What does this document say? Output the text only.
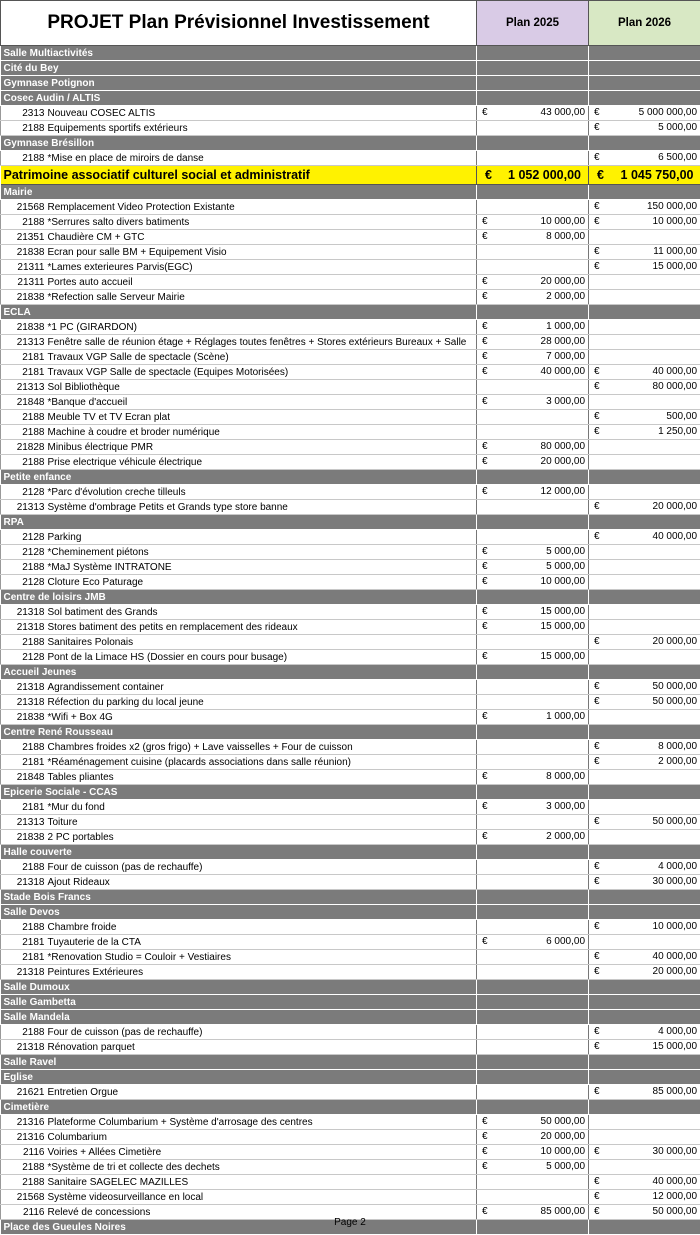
PROJET Plan Prévisionnel Investissement		Plan 2025	Plan 2026
Salle Multiactivités			
Cité du Bey			
Gymnase Potignon			
Cosec Audin / ALTIS			
2313	Nouveau COSEC ALTIS	€ 43 000,00	€ 5 000 000,00

2188	Equipements sportifs extérieurs		€ 5 000,00

Gymnase Brésillon			
2188	*Mise en place de miroirs de danse		€ 6 500,00

Patrimoine associatif culturel social et administratif		€ 1 052 000,00	€ 1 045 750,00

Mairie			
21568	Remplacement Video Protection Existante		€ 150 000,00

2188	*Serrures salto divers batiments	€ 10 000,00	€ 10 000,00

21351	Chaudière CM + GTC	€ 8 000,00	

21838	Ecran pour salle BM + Equipement Visio		€ 11 000,00

21311	*Lames exterieures Parvis(EGC)		€ 15 000,00

21311	Portes auto accueil	€ 20 000,00	

21838	*Refection salle Serveur Mairie	€ 2 000,00	

ECLA			
21838	*1 PC (GIRARDON)	€ 1 000,00	

21313	Fenêtre salle de réunion étage + Réglages toutes fenêtres + Stores extérieurs Bureaux + Salle	€ 28 000,00	

2181	Travaux VGP Salle de spectacle (Scène)	€ 7 000,00	

2181	Travaux VGP Salle de spectacle (Equipes Motorisées)	€ 40 000,00	€ 40 000,00

21313	Sol Bibliothèque		€ 80 000,00

21848	*Banque d'accueil	€ 3 000,00	

2188	Meuble TV et TV Ecran plat		€ 500,00

2188	Machine à coudre et broder numérique		€ 1 250,00

21828	Minibus électrique PMR	€ 80 000,00	

2188	Prise electrique véhicule électrique	€ 20 000,00	

Petite enfance			
2128	*Parc d'évolution creche tilleuls	€ 12 000,00	

21313	Système d'ombrage Petits et Grands type store banne		€ 20 000,00

RPA			
2128	Parking		€ 40 000,00

2128	*Cheminement piétons	€ 5 000,00	

2188	*MaJ Système INTRATONE	€ 5 000,00	

2128	Cloture Eco Paturage	€ 10 000,00	

Centre de loisirs JMB			
21318	Sol batiment des Grands	€ 15 000,00	

21318	Stores batiment des petits en remplacement des rideaux	€ 15 000,00	

2188	Sanitaires Polonais		€ 20 000,00

2128	Pont de la Limace HS (Dossier en cours pour busage)	€ 15 000,00	

Accueil Jeunes			
21318	Agrandissement container		€ 50 000,00

21318	Réfection du parking du local jeune		€ 50 000,00

21838	*Wifi + Box 4G	€ 1 000,00	

Centre René Rousseau			
2188	Chambres froides x2 (gros frigo) + Lave vaisselles + Four de cuisson		€ 8 000,00

2181	*Réaménagement cuisine (placards associations dans salle réunion)		€ 2 000,00

21848	Tables pliantes	€ 8 000,00	

Epicerie Sociale - CCAS			
2181	*Mur du fond	€ 3 000,00	

21313	Toiture		€ 50 000,00

21838	2 PC portables	€ 2 000,00	

Halle couverte			
2188	Four de cuisson (pas de rechauffe)		€ 4 000,00

21318	Ajout Rideaux		€ 30 000,00

Stade Bois Francs			
Salle Devos			
2188	Chambre froide		€ 10 000,00

2181	Tuyauterie de la CTA	€ 6 000,00	

2181	*Renovation Studio = Couloir + Vestiaires		€ 40 000,00

21318	Peintures Extérieures		€ 20 000,00

Salle Dumoux			
Salle Gambetta			
Salle Mandela			
2188	Four de cuisson (pas de rechauffe)		€ 4 000,00

21318	Rénovation parquet		€ 15 000,00

Salle Ravel			
Eglise			
21621	Entretien Orgue		€ 85 000,00

Cimetière			
21316	Plateforme Columbarium + Système d'arrosage des centres	€ 50 000,00	

21316	Columbarium	€ 20 000,00	

2116	Voiries + Allées Cimetière	€ 10 000,00	€ 30 000,00

2188	*Système de tri et collecte des dechets	€ 5 000,00	

2188	Sanitaire SAGELEC MAZILLES		€ 40 000,00

21568	Système videosurveillance en local		€ 12 000,00

2116	Relevé de concessions	€ 85 000,00	€ 50 000,00

Place des Gueules Noires				Page 2
